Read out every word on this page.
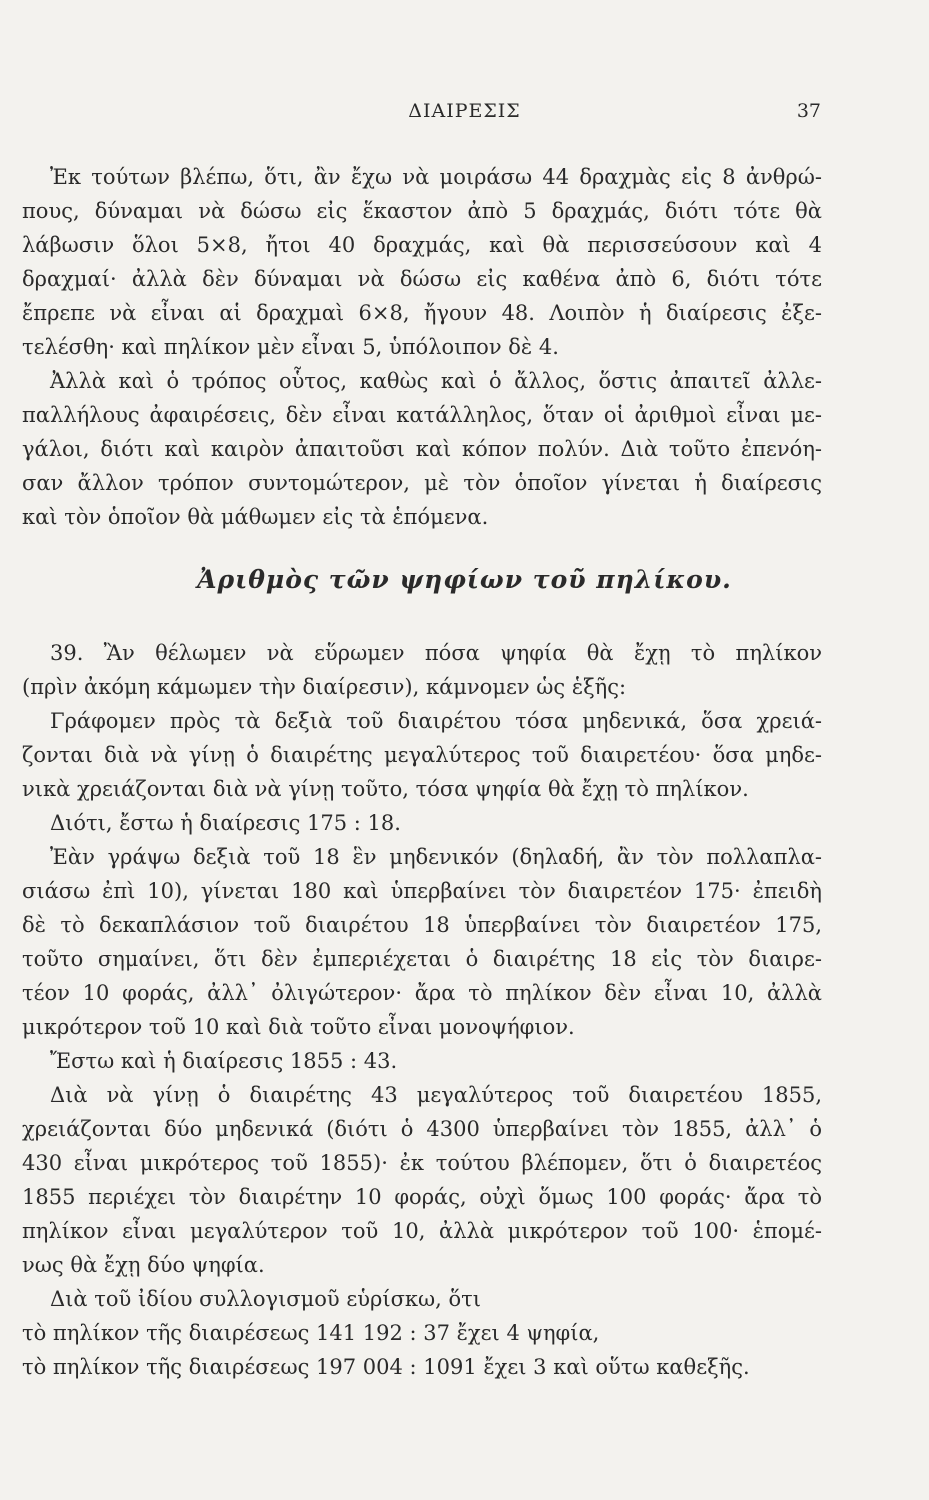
ΔΙΑΙΡΕΣΙΣ	37
Ἐκ τούτων βλέπω, ὅτι, ἂν ἔχω νὰ μοιράσω 44 δραχμὰς εἰς 8 ἀνθρώ-
πους, δύναμαι νὰ δώσω εἰς ἕκαστον ἀπὸ 5 δραχμάς, διότι τότε θὰ
λάβωσιν ὅλοι 5×8, ἤτοι 40 δραχμάς, καὶ θὰ περισσεύσουν καὶ 4
δραχμαί· ἀλλὰ δὲν δύναμαι νὰ δώσω εἰς καθένα ἀπὸ 6, διότι τότε
ἔπρεπε νὰ εἶναι αἱ δραχμαὶ 6×8, ἤγουν 48. Λοιπὸν ἡ διαίρεσις ἐξε-
τελέσθη· καὶ πηλίκον μὲν εἶναι 5, ὑπόλοιπον δὲ 4.
Ἀλλὰ καὶ ὁ τρόπος οὗτος, καθὼς καὶ ὁ ἄλλος, ὅστις ἀπαιτεῖ ἀλλε-
παλλήλους ἀφαιρέσεις, δὲν εἶναι κατάλληλος, ὅταν οἱ ἀριθμοὶ εἶναι με-
γάλοι, διότι καὶ καιρὸν ἀπαιτοῦσι καὶ κόπον πολύν. Διὰ τοῦτο ἐπενόη-
σαν ἄλλον τρόπον συντομώτερον, μὲ τὸν ὁποῖον γίνεται ἡ διαίρεσις
καὶ τὸν ὁποῖον θὰ μάθωμεν εἰς τὰ ἑπόμενα.
Ἀριθμὸς τῶν ψηφίων τοῦ πηλίκου.
39. Ἂν θέλωμεν νὰ εὕρωμεν πόσα ψηφία θὰ ἔχῃ τὸ πηλίκον
(πρὶν ἀκόμη κάμωμεν τὴν διαίρεσιν), κάμνομεν ὡς ἑξῆς:
Γράφομεν πρὸς τὰ δεξιὰ τοῦ διαιρέτου τόσα μηδενικά, ὅσα χρειά-
ζονται διὰ νὰ γίνῃ ὁ διαιρέτης μεγαλύτερος τοῦ διαιρετέου· ὅσα μηδε-
νικὰ χρειάζονται διὰ νὰ γίνῃ τοῦτο, τόσα ψηφία θὰ ἔχῃ τὸ πηλίκον.
Διότι, ἔστω ἡ διαίρεσις 175 : 18.
Ἐὰν γράψω δεξιὰ τοῦ 18 ἓν μηδενικόν (δηλαδή, ἂν τὸν πολλαπλα-
σιάσω ἐπὶ 10), γίνεται 180 καὶ ὑπερβαίνει τὸν διαιρετέον 175· ἐπειδὴ
δὲ τὸ δεκαπλάσιον τοῦ διαιρέτου 18 ὑπερβαίνει τὸν διαιρετέον 175,
τοῦτο σημαίνει, ὅτι δὲν ἐμπεριέχεται ὁ διαιρέτης 18 εἰς τὸν διαιρε-
τέον 10 φοράς, ἀλλ᾽ ὀλιγώτερον· ἄρα τὸ πηλίκον δὲν εἶναι 10, ἀλλὰ
μικρότερον τοῦ 10 καὶ διὰ τοῦτο εἶναι μονοψήφιον.
Ἔστω καὶ ἡ διαίρεσις 1855 : 43.
Διὰ νὰ γίνῃ ὁ διαιρέτης 43 μεγαλύτερος τοῦ διαιρετέου 1855,
χρειάζονται δύο μηδενικά (διότι ὁ 4300 ὑπερβαίνει τὸν 1855, ἀλλ᾽ ὁ
430 εἶναι μικρότερος τοῦ 1855)· ἐκ τούτου βλέπομεν, ὅτι ὁ διαιρετέος
1855 περιέχει τὸν διαιρέτην 10 φοράς, οὐχὶ ὅμως 100 φοράς· ἄρα τὸ
πηλίκον εἶναι μεγαλύτερον τοῦ 10, ἀλλὰ μικρότερον τοῦ 100· ἑπομέ-
νως θὰ ἔχῃ δύο ψηφία.
Διὰ τοῦ ἰδίου συλλογισμοῦ εὑρίσκω, ὅτι
τὸ πηλίκον τῆς διαιρέσεως 141 192 : 37 ἔχει 4 ψηφία,
τὸ πηλίκον τῆς διαιρέσεως 197 004 : 1091 ἔχει 3 καὶ οὕτω καθεξῆς.
